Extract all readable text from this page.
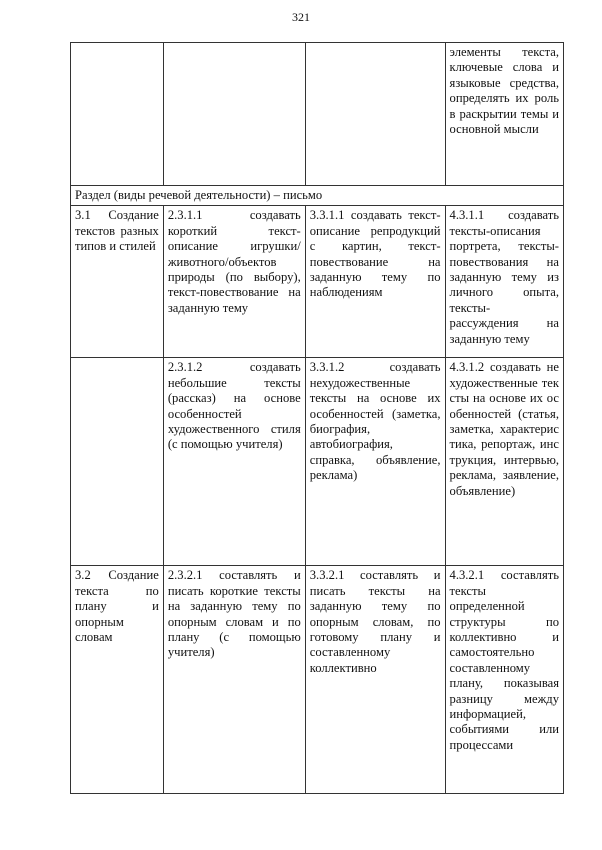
321
			элементы текста, ключевые слова и языковые средства, определять их роль в раскрытии темы и основной мысли
Раздел (виды речевой деятельности) – письмо			
3.1 Создание текстов разных типов и стилей	2.3.1.1 создавать короткий текст-описание игрушки/ животного/объектов природы (по выбору), текст-повествование на заданную тему	3.3.1.1 создавать текст-описание репродукций с картин, текст-повествование на заданную тему по наблюдениям	4.3.1.1 создавать тексты-описания портрета, тексты-повествования на заданную тему из личного опыта, тексты-рассуждения на заданную тему
	2.3.1.2 создавать небольшие тексты (рассказ) на основе особенностей художественного стиля (с помощью учителя)	3.3.1.2 создавать нехудожественные тексты на основе их особенностей (заметка, биография, автобиография, справка, объявление, реклама)	4.3.1.2 создавать нехудожественные тексты на основе их особенностей (статья, заметка, характеристика, репортаж, инструкция, интервью, реклама, заявление, объявление)
3.2 Создание текста по плану и опорным словам	2.3.2.1 составлять и писать короткие тексты на заданную тему по опорным словам и по плану (с помощью учителя)	3.3.2.1 составлять и писать тексты на заданную тему по опорным словам, по готовому плану и составленному коллективно	4.3.2.1 составлять тексты определенной структуры по коллективно и самостоятельно составленному плану, показывая разницу между информацией, событиями или процессами
